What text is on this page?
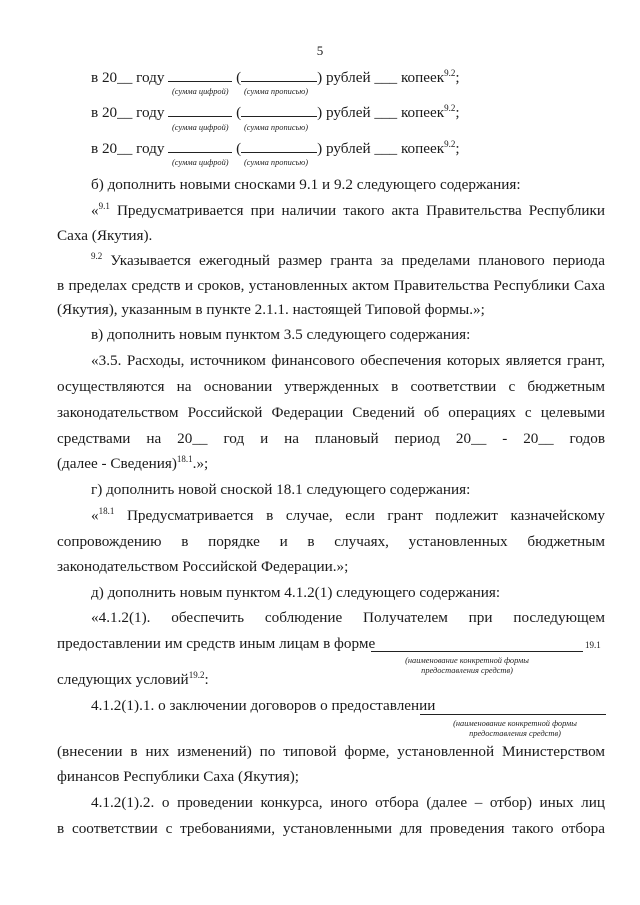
5
в 20__ году	(	) рублей ___ копеек$^{9.2}$;
(сумма цифрой) (сумма прописью)
в 20__ году	(	) рублей ___ копеек$^{9.2}$;
(сумма цифрой) (сумма прописью)
в 20__ году	(	) рублей ___ копеек$^{9.2}$;
(сумма цифрой) (сумма прописью)
б) дополнить новыми сносками 9.1 и 9.2 следующего содержания:
«$^{9.1}$ Предусматривается при наличии такого акта Правительства Республики
Саха (Якутия).
$^{9.2}$ Указывается ежегодный размер гранта за пределами планового периода
в пределах средств и сроков, установленных актом Правительства Республики Саха
(Якутия), указанным в пункте 2.1.1. настоящей Типовой формы.»;
в) дополнить новым пунктом 3.5 следующего содержания:
«3.5. Расходы, источником финансового обеспечения которых является грант,
осуществляются на основании утвержденных в соответствии с бюджетным
законодательством Российской Федерации Сведений об операциях с целевыми
средствами на 20__ год и на плановый период 20__ - 20__ годов
(далее - Сведения)$^{18.1}$.»;
г) дополнить новой сноской 18.1 следующего содержания:
«$^{18.1}$ Предусматривается в случае, если грант подлежит казначейскому
сопровождению в порядке и в случаях, установленных бюджетным
законодательством Российской Федерации.»;
д) дополнить новым пунктом 4.1.2(1) следующего содержания:
«4.1.2(1). обеспечить соблюдение Получателем при последующем
предоставлении им средств иным лицам в форме	19.1
(наименование конкретной формы предоставления средств)
следующих условий$^{19.2}$:
4.1.2(1).1. о заключении договоров о предоставлении
(наименование конкретной формы предоставления средств)
(внесении в них изменений) по типовой форме, установленной Министерством
финансов Республики Саха (Якутия);
4.1.2(1).2. о проведении конкурса, иного отбора (далее – отбор) иных лиц
в соответствии с требованиями, установленными для проведения такого отбора
